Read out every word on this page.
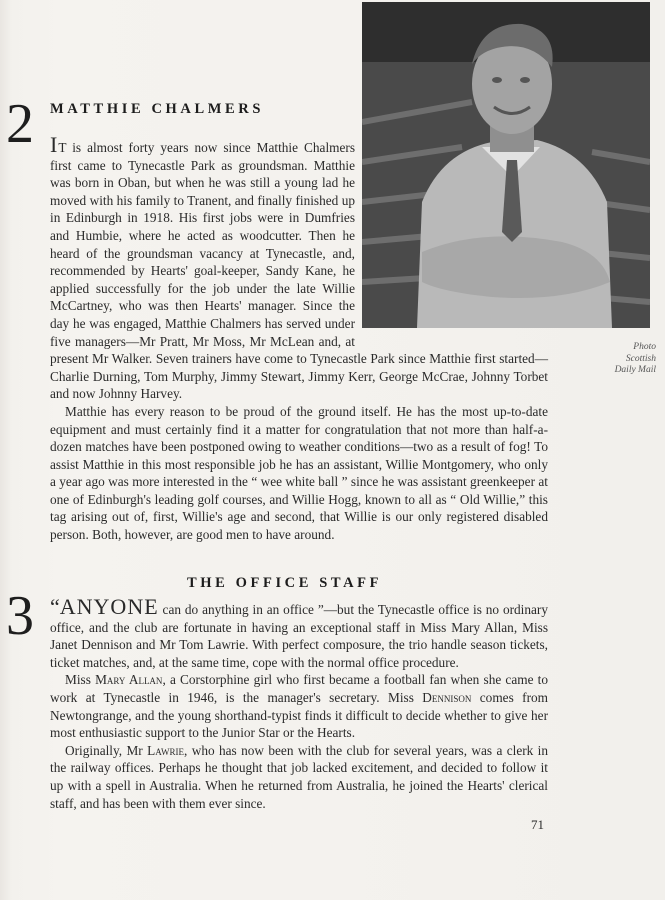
Photo
Scottish
Daily Mail
2 MATTHIE CHALMERS

IT is almost forty years now since Matthie Chalmers first came to Tynecastle Park as groundsman. Matthie was born in Oban, but when he was still a young lad he moved with his family to Tranent, and finally finished up in Edinburgh in 1918. His first jobs were in Dumfries and Humbie, where he acted as woodcutter. Then he heard of the groundsman vacancy at Tynecastle, and, recommended by Hearts' goal-keeper, Sandy Kane, he applied successfully for the job under the late Willie McCartney, who was then Hearts' manager. Since the day he was engaged, Matthie Chalmers has served under five managers—Mr Pratt, Mr Moss, Mr McLean and, at present Mr Walker. Seven trainers have come to Tynecastle Park since Matthie first started—Charlie Durning, Tom Murphy, Jimmy Stewart, Jimmy Kerr, George McCrae, Johnny Torbet and now Johnny Harvey.

Matthie has every reason to be proud of the ground itself. He has the most up-to-date equipment and must certainly find it a matter for congratulation that not more than half-a-dozen matches have been postponed owing to weather conditions—two as a result of fog! To assist Matthie in this most responsible job he has an assistant, Willie Montgomery, who only a year ago was more interested in the “ wee white ball ” since he was assistant greenkeeper at one of Edinburgh's leading golf courses, and Willie Hogg, known to all as “ Old Willie,” this tag arising out of, first, Willie's age and second, that Willie is our only registered disabled person. Both, however, are good men to have around.

THE OFFICE STAFF
3 “ANYONE can do anything in an office ”—but the Tynecastle office is no ordinary office, and the club are fortunate in having an exceptional staff in Miss Mary Allan, Miss Janet Dennison and Mr Tom Lawrie. With perfect composure, the trio handle season tickets, ticket matches, and, at the same time, cope with the normal office procedure.

Miss Mary Allan, a Corstorphine girl who first became a football fan when she came to work at Tynecastle in 1946, is the manager's secretary. Miss Dennison comes from Newtongrange, and the young shorthand-typist finds it difficult to decide whether to give her most enthusiastic support to the Junior Star or the Hearts.

Originally, Mr Lawrie, who has now been with the club for several years, was a clerk in the railway offices. Perhaps he thought that job lacked excitement, and decided to follow it up with a spell in Australia. When he returned from Australia, he joined the Hearts' clerical staff, and has been with them ever since.

71
